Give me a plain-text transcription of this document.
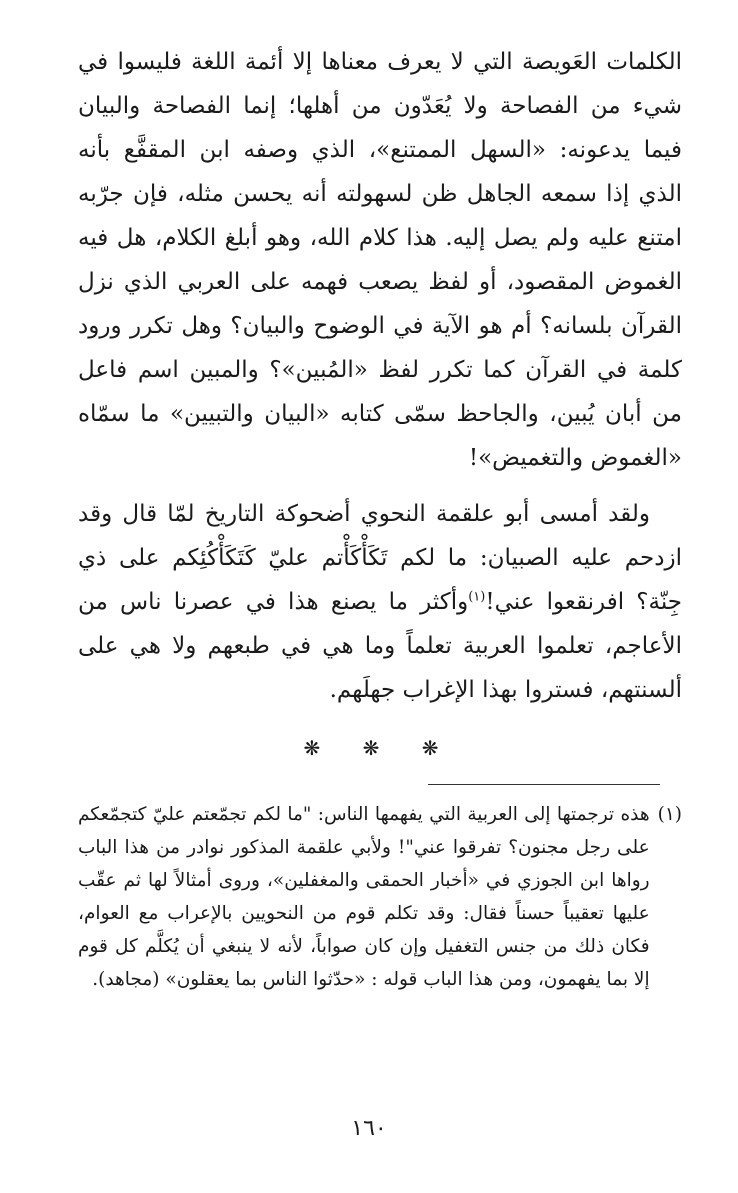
الكلمات العَويصة التي لا يعرف معناها إلا أئمة اللغة فليسوا في شيء من الفصاحة ولا يُعَدّون من أهلها؛ إنما الفصاحة والبيان فيما يدعونه: «السهل الممتنع»، الذي وصفه ابن المقفَّع بأنه الذي إذا سمعه الجاهل ظن لسهولته أنه يحسن مثله، فإن جرّبه امتنع عليه ولم يصل إليه. هذا كلام الله، وهو أبلغ الكلام، هل فيه الغموض المقصود، أو لفظ يصعب فهمه على العربي الذي نزل القرآن بلسانه؟ أم هو الآية في الوضوح والبيان؟ وهل تكرر ورود كلمة في القرآن كما تكرر لفظ «المُبين»؟ والمبين اسم فاعل من أبان يُبين، والجاحظ سمّى كتابه «البيان والتبيين» ما سمّاه «الغموض والتغميض»!

ولقد أمسى أبو علقمة النحوي أضحوكة التاريخ لمّا قال وقد ازدحم عليه الصبيان: ما لكم تَكَأْكَأْتم عليّ كَتَكَأْكُئِكم على ذي جِنّة؟ افرنقعوا عني!$^{(١)}$وأكثر ما يصنع هذا في عصرنا ناس من الأعاجم، تعلموا العربية تعلماً وما هي في طبعهم ولا هي على ألسنتهم، فستروا بهذا الإغراب جهلَهم.

❋ ❋ ❋
(١)
هذه ترجمتها إلى العربية التي يفهمها الناس: "ما لكم تجمّعتم عليّ كتجمّعكم على رجل مجنون؟ تفرقوا عني"! ولأبي علقمة المذكور نوادر من هذا الباب رواها ابن الجوزي في «أخبار الحمقى والمغفلين»، وروى أمثالاً لها ثم عقّب عليها تعقيباً حسناً فقال: وقد تكلم قوم من النحويين بالإعراب مع العوام، فكان ذلك من جنس التغفيل وإن كان صواباً، لأنه لا ينبغي أن يُكلَّم كل قوم إلا بما يفهمون، ومن هذا الباب قوله : «حدّثوا الناس بما يعقلون» (مجاهد).
١٦٠
